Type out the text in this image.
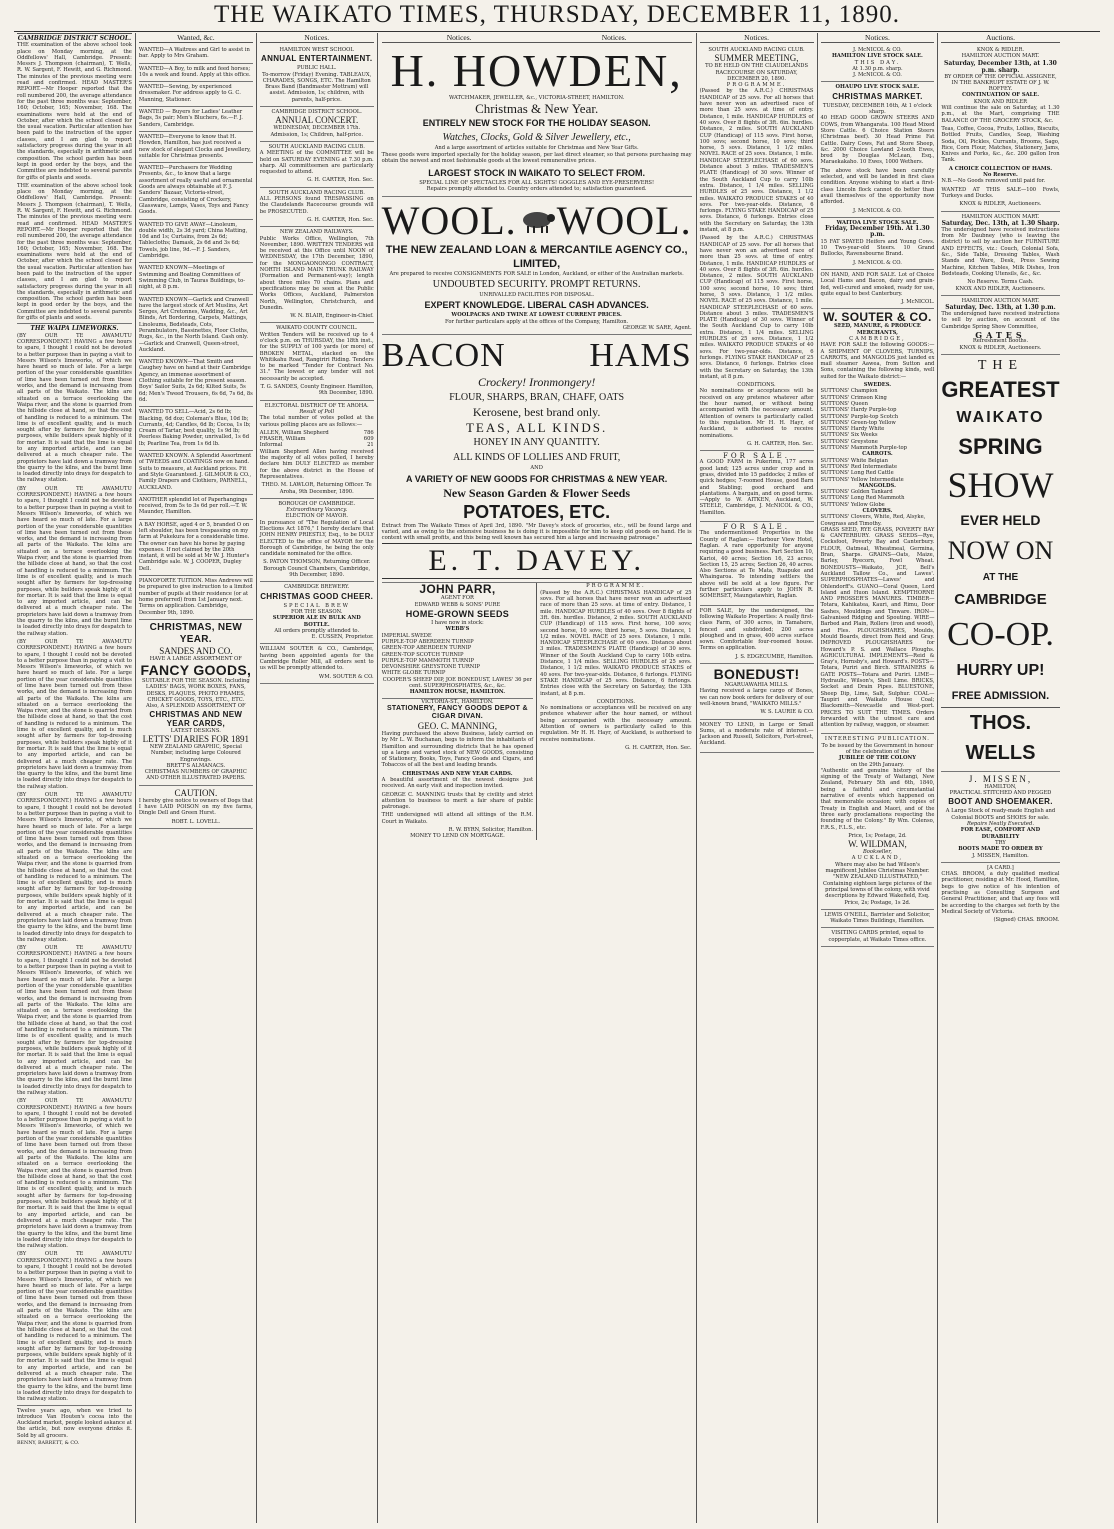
THE WAIKATO TIMES, THURSDAY, DECEMBER 11, 1890.
CAMBRIDGE DISTRICT SCHOOL.

THE examination of the above school took place on Monday morning, at the Oddfellows' Hall, Cambridge. Present: Messrs J. Thompson (chairman), T. Wells, R. W. Sargent, F. Hewitt, and G. Richmond. The minutes of the previous meeting were read and confirmed. HEAD MASTER'S REPORT.—Mr Hooper reported that the roll numbered 200, the average attendance for the past three months was: September, 160; October, 165; November, 168. The examinations were held at the end of October, after which the school closed for the usual vacation. Particular attention has been paid to the instruction of the upper classes, and I am glad to report satisfactory progress during the year in all the standards, especially in arithmetic and composition. The school garden has been kept in good order by the boys, and the Committee are indebted to several parents for gifts of plants and seeds.

THE examination of the above school took place on Monday morning, at the Oddfellows' Hall, Cambridge. Present: Messrs J. Thompson (chairman), T. Wells, R. W. Sargent, F. Hewitt, and G. Richmond. The minutes of the previous meeting were read and confirmed. HEAD MASTER'S REPORT.—Mr Hooper reported that the roll numbered 200, the average attendance for the past three months was: September, 160; October, 165; November, 168. The examinations were held at the end of October, after which the school closed for the usual vacation. Particular attention has been paid to the instruction of the upper classes, and I am glad to report satisfactory progress during the year in all the standards, especially in arithmetic and composition. The school garden has been kept in good order by the boys, and the Committee are indebted to several parents for gifts of plants and seeds.

THE WAIPA LIMEWORKS.

(BY OUR TE AWAMUTU CORRESPONDENT.) HAVING a few hours to spare, I thought I could not be devoted to a better purpose than in paying a visit to Messrs Wilson's limeworks, of which we have heard so much of late. For a large portion of the year considerable quantities of lime have been turned out from these works, and the demand is increasing from all parts of the Waikato. The kilns are situated on a terrace overlooking the Waipa river, and the stone is quarried from the hillside close at hand, so that the cost of handling is reduced to a minimum. The lime is of excellent quality, and is much sought after by farmers for top-dressing purposes, while builders speak highly of it for mortar. It is said that the lime is equal to any imported article, and can be delivered at a much cheaper rate. The proprietors have laid down a tramway from the quarry to the kilns, and the burnt lime is loaded directly into drays for despatch to the railway station.

(BY OUR TE AWAMUTU CORRESPONDENT.) HAVING a few hours to spare, I thought I could not be devoted to a better purpose than in paying a visit to Messrs Wilson's limeworks, of which we have heard so much of late. For a large portion of the year considerable quantities of lime have been turned out from these works, and the demand is increasing from all parts of the Waikato. The kilns are situated on a terrace overlooking the Waipa river, and the stone is quarried from the hillside close at hand, so that the cost of handling is reduced to a minimum. The lime is of excellent quality, and is much sought after by farmers for top-dressing purposes, while builders speak highly of it for mortar. It is said that the lime is equal to any imported article, and can be delivered at a much cheaper rate. The proprietors have laid down a tramway from the quarry to the kilns, and the burnt lime is loaded directly into drays for despatch to the railway station.

(BY OUR TE AWAMUTU CORRESPONDENT.) HAVING a few hours to spare, I thought I could not be devoted to a better purpose than in paying a visit to Messrs Wilson's limeworks, of which we have heard so much of late. For a large portion of the year considerable quantities of lime have been turned out from these works, and the demand is increasing from all parts of the Waikato. The kilns are situated on a terrace overlooking the Waipa river, and the stone is quarried from the hillside close at hand, so that the cost of handling is reduced to a minimum. The lime is of excellent quality, and is much sought after by farmers for top-dressing purposes, while builders speak highly of it for mortar. It is said that the lime is equal to any imported article, and can be delivered at a much cheaper rate. The proprietors have laid down a tramway from the quarry to the kilns, and the burnt lime is loaded directly into drays for despatch to the railway station.

(BY OUR TE AWAMUTU CORRESPONDENT.) HAVING a few hours to spare, I thought I could not be devoted to a better purpose than in paying a visit to Messrs Wilson's limeworks, of which we have heard so much of late. For a large portion of the year considerable quantities of lime have been turned out from these works, and the demand is increasing from all parts of the Waikato. The kilns are situated on a terrace overlooking the Waipa river, and the stone is quarried from the hillside close at hand, so that the cost of handling is reduced to a minimum. The lime is of excellent quality, and is much sought after by farmers for top-dressing purposes, while builders speak highly of it for mortar. It is said that the lime is equal to any imported article, and can be delivered at a much cheaper rate. The proprietors have laid down a tramway from the quarry to the kilns, and the burnt lime is loaded directly into drays for despatch to the railway station.

(BY OUR TE AWAMUTU CORRESPONDENT.) HAVING a few hours to spare, I thought I could not be devoted to a better purpose than in paying a visit to Messrs Wilson's limeworks, of which we have heard so much of late. For a large portion of the year considerable quantities of lime have been turned out from these works, and the demand is increasing from all parts of the Waikato. The kilns are situated on a terrace overlooking the Waipa river, and the stone is quarried from the hillside close at hand, so that the cost of handling is reduced to a minimum. The lime is of excellent quality, and is much sought after by farmers for top-dressing purposes, while builders speak highly of it for mortar. It is said that the lime is equal to any imported article, and can be delivered at a much cheaper rate. The proprietors have laid down a tramway from the quarry to the kilns, and the burnt lime is loaded directly into drays for despatch to the railway station.

(BY OUR TE AWAMUTU CORRESPONDENT.) HAVING a few hours to spare, I thought I could not be devoted to a better purpose than in paying a visit to Messrs Wilson's limeworks, of which we have heard so much of late. For a large portion of the year considerable quantities of lime have been turned out from these works, and the demand is increasing from all parts of the Waikato. The kilns are situated on a terrace overlooking the Waipa river, and the stone is quarried from the hillside close at hand, so that the cost of handling is reduced to a minimum. The lime is of excellent quality, and is much sought after by farmers for top-dressing purposes, while builders speak highly of it for mortar. It is said that the lime is equal to any imported article, and can be delivered at a much cheaper rate. The proprietors have laid down a tramway from the quarry to the kilns, and the burnt lime is loaded directly into drays for despatch to the railway station.

(BY OUR TE AWAMUTU CORRESPONDENT.) HAVING a few hours to spare, I thought I could not be devoted to a better purpose than in paying a visit to Messrs Wilson's limeworks, of which we have heard so much of late. For a large portion of the year considerable quantities of lime have been turned out from these works, and the demand is increasing from all parts of the Waikato. The kilns are situated on a terrace overlooking the Waipa river, and the stone is quarried from the hillside close at hand, so that the cost of handling is reduced to a minimum. The lime is of excellent quality, and is much sought after by farmers for top-dressing purposes, while builders speak highly of it for mortar. It is said that the lime is equal to any imported article, and can be delivered at a much cheaper rate. The proprietors have laid down a tramway from the quarry to the kilns, and the burnt lime is loaded directly into drays for despatch to the railway station.

Twelve years ago, when we tried to introduce Van Houten's cocoa into the Auckland market, people looked askance at the article, but now everyone drinks it. Sold by all grocers.

BENNY, BARRETT, & CO.
Wanted, &c.
WANTED—A Waitress and Girl to assist in bar. Apply to Mrs Graham.
WANTED—A Boy, to milk and feed horses; 10s a week and found. Apply at this office.
WANTED—Sewing, by experienced dressmaker. For address apply to G. C. Manning, Stationer.
WANTED — Buyers for Ladies' Leather Bags, 5s pair; Men's Bluchers, 6s.—F. J. Sanders, Cambridge.
WANTED—Everyone to know that H. Howden, Hamilton, has just received a new stock of elegant Clocks and Jewellery, suitable for Christmas presents.
WANTED—Purchasers for Wedding Presents, &c., to know that a large assortment of really useful and ornamental Goods are always obtainable at F. J. Sanders' Bazaar, Victoria-street, Cambridge, consisting of Crockery, Glassware, Lamps, Vases, Toys and Fancy Goods.
WANTED TO GIVE AWAY—Linoleum, double width, 2s 3d yard; China Matting, 10d and 1s; Curtains, from 2s 6d; Tablecloths; Damask, 2s 6d and 3s 6d; Towels, job line, 9d.—F. J. Sanders, Cambridge.
WANTED KNOWN—Meetings of Swimming and Boating Committees of Swimming Club, in Tauras Buildings, to-night, at 8 p.m.
WANTED KNOWN—Garlick and Cranwell have the largest stock of Art Muslins, Art Serges, Art Cretonnes, Wadding, &c., Art Blinds, Art Bordering, Carpets, Mattings, Linoleums, Bedsteads, Cots, Perambulators, Bassinettes, Floor Cloths, Rugs, &c., in the North Island. Cash only.—Garlick and Cranwell, Queen-street, Auckland.
WANTED KNOWN—That Smith and Caughey have on hand at their Cambridge Agency, an immense assortment of Clothing suitable for the present season. Boys' Sailor Suits, 2s 6d; Kilted Suits, 5s 6d; Men's Tweed Trousers, 6s 6d, 7s 6d, 8s 6d.
WANTED TO SELL—Acid, 2s 6d lb; Blacking, 6d doz; Coleman's Blue, 10d lb; Currants, 4d; Candles, 6d lb; Cocoa, 1s lb; Cream of Tartar, best quality, 1s 9d lb; Peerless Baking Powder, unrivalled, 1s 6d lb; Pearline Tea, from 1s 6d lb.
WANTED KNOWN. A Splendid Assortment of TWEEDS and COATINGS now on hand. Suits to measure, at Auckland prices. Fit and Style Guaranteed. J. GILMOUR & CO., Family Drapers and Clothiers, PARNELL, AUCKLAND.
ANOTHER splendid lot of Paperhangings received, from 5s to 3s 6d per roll.—T. W. Maunder, Hamilton.
A BAY HORSE, aged 4 or 5, branded O on left shoulder, has been trespassing on my farm at Pukekura for a considerable time. The owner can have his horse by paying expenses. If not claimed by the 20th instant, it will be sold at Mr W. J. Hunter's Cambridge sale. W. J. COOPER, Dugley Dell.
PIANOFORTE TUITION. Miss Andrews will be prepared to give instruction to a limited number of pupils at their residence (or at home preferred) from 1st January next. Terms on application. Cambridge, December 9th, 1890.
CHRISTMAS, NEW YEAR.
SANDES AND CO.
HAVE A LARGE ASSORTMENT OF
FANCY GOODS,
SUITABLE FOR THE SEASON. Including LADIES' BAGS, WORK BOXES, FANS, DESKS, PLAQUES, PHOTO FRAMES, CRICKET GOODS, TOYS, ETC., ETC.
Also, A SPLENDID ASSORTMENT OF
CHRISTMAS AND NEW YEAR CARDS,
LATEST DESIGNS.
LETTS' DIARIES FOR 1891
NEW ZEALAND GRAPHIC, Special Number, including large Coloured Engravings.
BRETT'S ALMANACS.
CHRISTMAS NUMBERS OF GRAPHIC AND OTHER ILLUSTRATED PAPERS.
CAUTION.

I hereby give notice to owners of Dogs that I have LAID POISON on my five farms, Dingle Dell and Green Hurst.

ROBT. L. LOVELL.
Notices.
HAMILTON WEST SCHOOL
ANNUAL ENTERTAINMENT.
PUBLIC HALL.
To-morrow (Friday) Evening. TABLEAUX, CHARADES, SONGS, ETC. The Hamilton Brass Band (Bandmaster Mottram) will assist. Admission, 1s; children, with parents, half-price.
CAMBRIDGE DISTRICT SCHOOL.
ANNUAL CONCERT.
WEDNESDAY, DECEMBER 17th. Admission, 1s; Children, half-price.
SOUTH AUCKLAND RACING CLUB.

A MEETING of the COMMITTEE will be held on SATURDAY EVENING at 7.30 p.m. sharp. All committeemen are particularly requested to attend.

G. H. CARTER, Hon. Sec.
SOUTH AUCKLAND RACING CLUB.

ALL PERSONS found TRESPASSING on the Claudelands Racecourse grounds will be PROSECUTED.

G. H. CARTER, Hon. Sec.
NEW ZEALAND RAILWAYS.

Public Works Office, Wellington, 7th November, 1890. WRITTEN TENDERS will be received at this Office until NOON of WEDNESDAY, the 17th December, 1890, for the MONGAONONGO CONTRACT, NORTH ISLAND MAIN TRUNK RAILWAY (Formation and Permanent-way); length about three miles 70 chains. Plans and specifications may be seen at the Public Works Offices, Auckland, Palmerston North, Wellington, Christchurch, and Dunedin.

W. N. BLAIR, Engineer-in-Chief.
WAIKATO COUNTY COUNCIL.

Written Tenders will be received up to 4 o'clock p.m. on THURSDAY, the 18th inst., for the SUPPLY of 100 yards (or more) of BROKEN METAL, stacked on the Whitikahu Road, Rangiriri Riding. Tenders to be marked "Tender for Contract No. 31." The lowest or any tender will not necessarily be accepted.

T. G. SANDES, County Engineer. Hamilton, 9th December, 1890.
ELECTORAL DISTRICT OF TE AROHA.
Result of Poll

The total number of votes polled at the various polling places are as follows:—

ALLEN, William Shepherd	786
FRASER, William	609
Informal	21

William Shepherd Allen having received the majority of all votes polled, I hereby declare him DULY ELECTED as member for the above district in the House of Representatives.

THEO. M. LAWLOR, Returning Officer. Te Aroha, 9th December, 1890.
BOROUGH OF CAMBRIDGE.
Extraordinary Vacancy.
ELECTION OF MAYOR.

In pursuance of "The Regulation of Local Elections Act 1876," I hereby declare that JOHN HENRY PRIESTLY, Esq., to be DULY ELECTED to the office of MAYOR for the Borough of Cambridge, he being the only candidate nominated for the office.

S. PATON THOMSON, Returning Officer. Borough Council Chambers, Cambridge, 9th December, 1890.
CAMBRIDGE BREWERY.
CHRISTMAS GOOD CHEER.
SPECIAL BREW
FOR THE SEASON.
SUPERIOR ALE IN BULK AND BOTTLE.
All orders promptly attended to.
E. CUSSEN, Proprietor.

WILLIAM SOUTER & CO., Cambridge, having been appointed agents for the Cambridge Roller Mill, all orders sent to us will be promptly attended to.

WM. SOUTER & CO.
Notices.	Notices.
H. HOWDEN,
WATCHMAKER, JEWELLER, &c., VICTORIA-STREET, HAMILTON.
Christmas & New Year.
ENTIRELY NEW STOCK FOR THE HOLIDAY SEASON.
Watches, Clocks, Gold & Silver Jewellery, etc.,
And a large assortment of articles suitable for Christmas and New Year Gifts.

These goods were imported specially for the holiday season, per last direct steamer, so that persons purchasing may obtain the newest and most fashionable goods at the lowest remunerative prices.

LARGEST STOCK IN WAIKATO TO SELECT FROM.
SPECIAL LINE OF SPECTACLES FOR ALL SIGHTS! GOGGLES AND EYE-PRESERVERS!
Repairs promptly attended to. Country orders attended to; satisfaction guaranteed.
WOOL. WOOL.
THE NEW ZEALAND LOAN & MERCANTILE AGENCY CO., LIMITED,
Are prepared to receive CONSIGNMENTS FOR SALE in London, Auckland, or either of the Australian markets.
UNDOUBTED SECURITY. PROMPT RETURNS.
UNRIVALLED FACILITIES FOR DISPOSAL.
EXPERT KNOWLEDGE. LIBERAL CASH ADVANCES.
WOOLPACKS AND TWINE AT LOWEST CURRENT PRICES.
For further particulars apply at the offices of the Company, Hamilton.
GEORGE W. SARE, Agent.
BACON HAMS
Crockery! Ironmongery!
FLOUR, SHARPS, BRAN, CHAFF, OATS
Kerosene, best brand only.
TEAS, ALL KINDS.
HONEY IN ANY QUANTITY.
ALL KINDS OF LOLLIES AND FRUIT,
AND
A VARIETY OF NEW GOODS FOR CHRISTMAS & NEW YEAR.
New Season Garden & Flower Seeds
POTATOES, ETC.

Extract from The Waikato Times of April 3rd, 1890. "Mr Davey's stock of groceries, etc., will be found large and varied, and as owing to the extensive business he is doing it is impossible for him to keep old goods on hand. He is content with small profits, and this being well known has secured him a large and increasing patronage."

E. T. DAVEY.
JOHN PARR,
AGENT FOR
EDWARD WEBB & SONS' PURE
HOME-GROWN SEEDS
I have now in stock:
WEBB'S
IMPERIAL SWEDE
PURPLE-TOP ABERDEEN TURNIP
GREEN-TOP ABERDEEN TURNIP
GREEN-TOP SCOTCH TURNIP
PURPLE-TOP MAMMOTH TURNIP
DEVONSHIRE GREYSTONE TURNIP
WHITE GLOBE TURNIP
COOPER'S SHEEP DIP, JOE BONEDUST, LAWES' 36 per cent. SUPERPHOSPHATES, &c., &c.
HAMILTON HOUSE, HAMILTON.
VICTORIA-ST., HAMILTON.
STATIONERY, FANCY GOODS DEPOT & CIGAR DIVAN.
GEO. C. MANNING,

Having purchased the above Business, lately carried on by Mr L. W. Buchanan, begs to inform the inhabitants of Hamilton and surrounding districts that he has opened up a large and varied stock of NEW GOODS, consisting of Stationery, Books, Toys, Fancy Goods and Cigars, and Tobaccos of all the best and leading brands.

CHRISTMAS AND NEW YEAR CARDS.

A beautiful assortment of the newest designs just received. An early visit and inspection invited.

GEORGE C. MANNING trusts that by civility and strict attention to business to merit a fair share of public patronage.

THE undersigned will attend all sittings of the R.M. Court in Waikato.

R. W. BYRN, Solicitor, Hamilton.
MONEY TO LEND ON MORTGAGE.
PROGRAMME.

(Passed by the A.R.C.) CHRISTMAS HANDICAP of 25 sovs. For all horses that have never won an advertised race of more than 25 sovs. at time of entry. Distance, 1 mile. HANDICAP HURDLES of 40 sovs. Over 8 flights of 3ft. 6in. hurdles. Distance, 2 miles. SOUTH AUCKLAND CUP (Handicap) of 115 sovs. First horse, 100 sovs; second horse, 10 sovs; third horse, 5 sovs. Distance, 1 1/2 miles. NOVEL RACE of 25 sovs. Distance, 1 mile. HANDICAP STEEPLECHASE of 60 sovs. Distance about 3 miles. TRADESMEN'S PLATE (Handicap) of 30 sovs. Winner of the South Auckland Cup to carry 10lb extra. Distance, 1 1/4 miles. SELLING HURDLES of 25 sovs. Distance, 1 1/2 miles. WAIKATO PRODUCE STAKES of 40 sovs. For two-year-olds. Distance, 6 furlongs. FLYING STAKE HANDICAP of 25 sovs. Distance, 6 furlongs. Entries close with the Secretary on Saturday, the 13th instant, at 8 p.m.

CONDITIONS.

No nominations or acceptances will be received on any pretence whatever after the hour named, or without being accompanied with the necessary amount. Attention of owners is particularly called to this regulation. Mr H. H. Hayr, of Auckland, is authorised to receive nominations.

G. H. CARTER, Hon. Sec.
Notices.
SOUTH AUCKLAND RACING CLUB.
SUMMER MEETING,
TO BE HELD ON THE CLAUDELANDS RACECOURSE ON SATURDAY, DECEMBER 20, 1890.
PROGRAMME.

(Passed by the A.R.C.) CHRISTMAS HANDICAP of 25 sovs. For all horses that have never won an advertised race of more than 25 sovs. at time of entry. Distance, 1 mile. HANDICAP HURDLES of 40 sovs. Over 8 flights of 3ft. 6in. hurdles. Distance, 2 miles. SOUTH AUCKLAND CUP (Handicap) of 115 sovs. First horse, 100 sovs; second horse, 10 sovs; third horse, 5 sovs. Distance, 1 1/2 miles. NOVEL RACE of 25 sovs. Distance, 1 mile. HANDICAP STEEPLECHASE of 60 sovs. Distance about 3 miles. TRADESMEN'S PLATE (Handicap) of 30 sovs. Winner of the South Auckland Cup to carry 10lb extra. Distance, 1 1/4 miles. SELLING HURDLES of 25 sovs. Distance, 1 1/2 miles. WAIKATO PRODUCE STAKES of 40 sovs. For two-year-olds. Distance, 6 furlongs. FLYING STAKE HANDICAP of 25 sovs. Distance, 6 furlongs. Entries close with the Secretary on Saturday, the 13th instant, at 8 p.m.

(Passed by the A.R.C.) CHRISTMAS HANDICAP of 25 sovs. For all horses that have never won an advertised race of more than 25 sovs. at time of entry. Distance, 1 mile. HANDICAP HURDLES of 40 sovs. Over 8 flights of 3ft. 6in. hurdles. Distance, 2 miles. SOUTH AUCKLAND CUP (Handicap) of 115 sovs. First horse, 100 sovs; second horse, 10 sovs; third horse, 5 sovs. Distance, 1 1/2 miles. NOVEL RACE of 25 sovs. Distance, 1 mile. HANDICAP STEEPLECHASE of 60 sovs. Distance about 3 miles. TRADESMEN'S PLATE (Handicap) of 30 sovs. Winner of the South Auckland Cup to carry 10lb extra. Distance, 1 1/4 miles. SELLING HURDLES of 25 sovs. Distance, 1 1/2 miles. WAIKATO PRODUCE STAKES of 40 sovs. For two-year-olds. Distance, 6 furlongs. FLYING STAKE HANDICAP of 25 sovs. Distance, 6 furlongs. Entries close with the Secretary on Saturday, the 13th instant, at 8 p.m.

CONDITIONS.

No nominations or acceptances will be received on any pretence whatever after the hour named, or without being accompanied with the necessary amount. Attention of owners is particularly called to this regulation. Mr H. H. Hayr, of Auckland, is authorised to receive nominations.

G. H. CARTER, Hon. Sec.
FOR SALE.

A GOOD FARM in Pukerimu, 177 acres good land; 125 acres under crop and in grass, divided into 15 paddocks; 2 miles of quick hedges; 7-roomed House, good Barn and Stabling; good orchard and plantations. A bargain, and on good terms.—Apply to W. AITKEN, Auckland, W. STEELE, Cambridge, J. McNICOL & CO., Hamilton.

FOR SALE.

The undermentioned Properties in the County of Raglan:— Harbour View Hotel, Raglan. A rare opportunity for anyone requiring a good business. Part Section 10, Karioi, 40 acres; Section 16, 23 acres; Section 15, 25 acres; Section 26, 40 acres. Also Sections at Te Mata, Ruapuke and Whaingaroa. To intending settlers the above will be sold at a low figure. For further particulars apply to JOHN R. SOMERSET, Maungatawhiri, Raglan.

FOR SALE, by the undersigned, the following Waikato Properties: A really first-class Farm, of 300 acres, in Tamahere, fenced and subdivided; 200 acres ploughed and in grass, 400 acres surface sown. Comfortable four-roomed house. Terms on application.

J. S. EDGECUMBE, Hamilton.
BONEDUST!
NGARUAWAHIA MILLS.

Having received a large cargo of Bones, we can now book orders for delivery of our well-known brand, "WAIKATO MILLS."

W. S. LAURIE & CO.

MONEY TO LEND, in Large or Small Sums, at a moderate rate of interest.—Jackson and Russell, Solicitors, Fort-street, Auckland.

Notices.
J. McNICOL & CO.
HAMILTON LIVE STOCK SALE.
THIS DAY.
At 1.30 p.m. sharp.
J. McNICOL & CO.
OHAUPO LIVE STOCK SALE.
CHRISTMAS MARKET.
TUESDAY, DECEMBER 16th, At 1 o'clock sharp.

40 HEAD GOOD GROWN STEERS AND COWS, from Whangarata. 100 Head Mixed Store Cattle. 6 Choice Station Steers (Christmas beef). 30 Head Prime Fat Cattle. Dairy Cows, Fat and Store Sheep, &c. 2000 Choice Lowland 2-tooth Ewes, bred by Douglas McLean, Esq., Maraekakaho. 10 Ewes, 1000 Wethers.

The above stock have been carefully selected, and will be landed in first class condition. Anyone wishing to start a first-class Lincoln flock cannot do better than avail themselves of the opportunity now afforded.

J. McNICOL & CO.
WAITOA LIVE STOCK SALE.
Friday, December 19th. At 1.30 p.m.

15 FAT SPAYED Heifers and Young Cows. 10 Two-year-old Steers. 10 Grand Bullocks, Ravensbourne Brand.

J. McNICOL & CO.

ON HAND, AND FOR SALE. Lot of Choice Local Hams and Bacon, dairy and grain-fed, well-cured and smoked, ready for use, quite equal to best Canterbury.

J. McNICOL.
W. SOUTER & CO.
SEED, MANURE, & PRODUCE MERCHANTS,
CAMBRIDGE,

HAVE FOR SALE the following GOODS:— A SHIPMENT OF CLOVERS, TURNIPS, CARROTS, and MANGOLDS just landed ex mail steamer Aawea, from Sutton and Sons, containing the following kinds, well suited for the Waikato district:—

SWEDES.
SUTTONS' Champion
SUTTONS' Crimson King
SUTTONS' Queen
SUTTONS' Hardy Purple-top
SUTTONS' Purple-top Scotch
SUTTONS' Green-top Yellow
SUTTONS' Hardy White
SUTTONS' Six Weeks
SUTTONS' Greystone
SUTTONS' Mammoth Purple-top
CARROTS.
SUTTONS' White Belgian
SUTTONS' Red Intermediate
SUTTONS' Long Red Cattle
SUTTONS' Yellow Intermediate
MANGOLDS.
SUTTONS' Golden Tankard
SUTTONS' Long Red Mammoth
SUTTONS' Yellow Globe
CLOVERS.
SUTTONS' Clovers, White, Red, Alsyke, Cowgrass and Timothy.

GRASS SEED, RYE GRASS, POVERTY BAY & CANTERBURY. GRASS SEEDS—Rye, Cocksfoot, Poverty Bay and Canterbury. FLOUR, Oatmeal, Wheatmeal, Germina, Bran, Sharps. GRAINS—Oats, Maize, Barley, Ryecorn, Fowl Wheat. BONEDUSTS—Waikato, JCE, Bell's Auckland Tallow Co., and Lawes'. SUPERPHOSPHATES—Lawes' and Ohlendorff's. GUANO—Coral Queen, Lord Island and Huon Island. KEMPTHORNE AND PROSSER'S MANURES. TIMBER—Totara, Kahikatea, Kauri, and Rimu, Door Sashes, Mouldings and Tinware. IRON—Galvanised Ridging and Spouting. WIRE—Barbed and Plain, Rollers (iron and wood), and Fles. PLOUGHSHARES, Moulds, Mould Boards, direct from Reid and Gray. IMPROVED PLOUGHSHARES for Howard's P. S. and Wallace Ploughs. AGRICULTURAL IMPLEMENTS—Reid & Gray's, Hornsby's, and Howard's. POSTS—Totara, Puriri and Birch. STRAINERS & GATE POSTS—Totara and Puriri. LIME—Hydraulic, Wilson's, Shell Lime. BRICKS, Socket and Drain Pipes. BLUESTONE, Sheep Dip, Lime, Salt, Sulphur. COAL—Taupiri and Waikato House Coal; Blacksmith—Newcastle and West-port. PRICES TO SUIT THE TIMES. Orders forwarded with the utmost care and attention by railway, waggon, or steamer.

INTERESTING PUBLICATION.
To be issued by the Government in honour of the celebration of the
JUBILEE OF THE COLONY
on the 29th January.

"Authentic and genuine history of the signing of the Treaty of Waitangi, New Zealand, February 5th and 6th, 1840, being a faithful and circumstantial narrative of events which happened on that memorable occasion; with copies of Treaty in English and Maori, and of the three early proclamations respecting the founding of the Colony." By Wm. Colenso, F.R.S., F.L.S., etc.

Price, 1s; Postage, 2d.
W. WILDMAN,
Bookseller,
AUCKLAND,
Where may also be had Wilson's magnificent Jubilee Christmas Number.
"NEW ZEALAND ILLUSTRATED,"
Containing eighteen large pictures of the principal towns of the colony, with vivid descriptions by Edward Wakefield, Esq. Price, 2s; Postage, 1s 2d.
LEWIS O'NEILL, Barrister and Solicitor, Waikato Times Buildings, Hamilton.
VISITING CARDS printed, equal to copperplate, at Waikato Times office.
Auctions.
KNOX & RIDLER.
HAMILTON AUCTION MART.
Saturday, December 13th, at 1.30 p.m. sharp.
BY ORDER OF THE OFFICIAL ASSIGNEE, IN THE BANKRUPT ESTATE OF J. W. ROFFEY.
CONTINUATION OF SALE.
KNOX AND RIDLER

Will continue the sale on Saturday, at 1.30 p.m., at the Mart, comprising THE BALANCE OF THE GROCERY STOCK, &c.

Teas, Coffee, Cocoa, Fruits, Lollies, Biscuits, Bottled Fruits, Candles, Soap, Washing Soda, Oil, Pickles, Currants, Brooms, Sago, Rice, Corn Flour, Matches, Stationery, Jams, Knives and Forks, &c., &c. 200 gallon Iron Tank.

A CHOICE COLLECTION OF HAMS.
No Reserve.

N.B.—No Goods removed until paid for.

WANTED AT THIS SALE—100 Fowls, Turkeys and Ducks.

KNOX & RIDLER, Auctioneers.
HAMILTON AUCTION MART.
Saturday, Dec. 13th, at 1.30 Sharp.

The undersigned have received instructions from Mr Daubney (who is leaving the district) to sell by auction her FURNITURE AND EFFECTS, viz.: Couch, Colonial Sofa, &c., Side Table, Dressing Tables, Wash Stands and Ware, Desk, Press Sewing Machine, Kitchen Tables, Milk Dishes, Iron Bedsteads, Cooking Utensils, &c., &c.

No Reserve. Terms Cash.
KNOX AND RIDLER, Auctioneers.
HAMILTON AUCTION MART.
Saturday, Dec. 13th, at 1.30 p.m.

The undersigned have received instructions to sell by auction, on account of the Cambridge Spring Show Committee,

GATES
Refreshment Booths.
KNOX & RIDLER, Auctioneers.
THE
GREATEST
WAIKATO
SPRING
SHOW
EVER HELD
NOW ON
AT THE
CAMBRIDGE
CO-OP.
HURRY UP!
FREE ADMISSION.
THOS. WELLS
J. MISSEN,
HAMILTON,
PRACTICAL STITCHED AND PEGGED
BOOT AND SHOEMAKER.
A Large Stock of ready-made English and Colonial BOOTS and SHOES for sale.
Repairs Neatly Executed.
FOR EASE, COMFORT AND DURABILITY
TRY
BOOTS MADE TO ORDER BY
J. MISSEN, Hamilton.
[A CARD.]

CHAS. BROOM, a duly qualified medical practitioner, residing at Mr. Hood, Hamilton, begs to give notice of his intention of practising as Consulting Surgeon and General Practitioner, and that any fees will be according to the charges set forth by the Medical Society of Victoria.

(Signed) CHAS. BROOM.
